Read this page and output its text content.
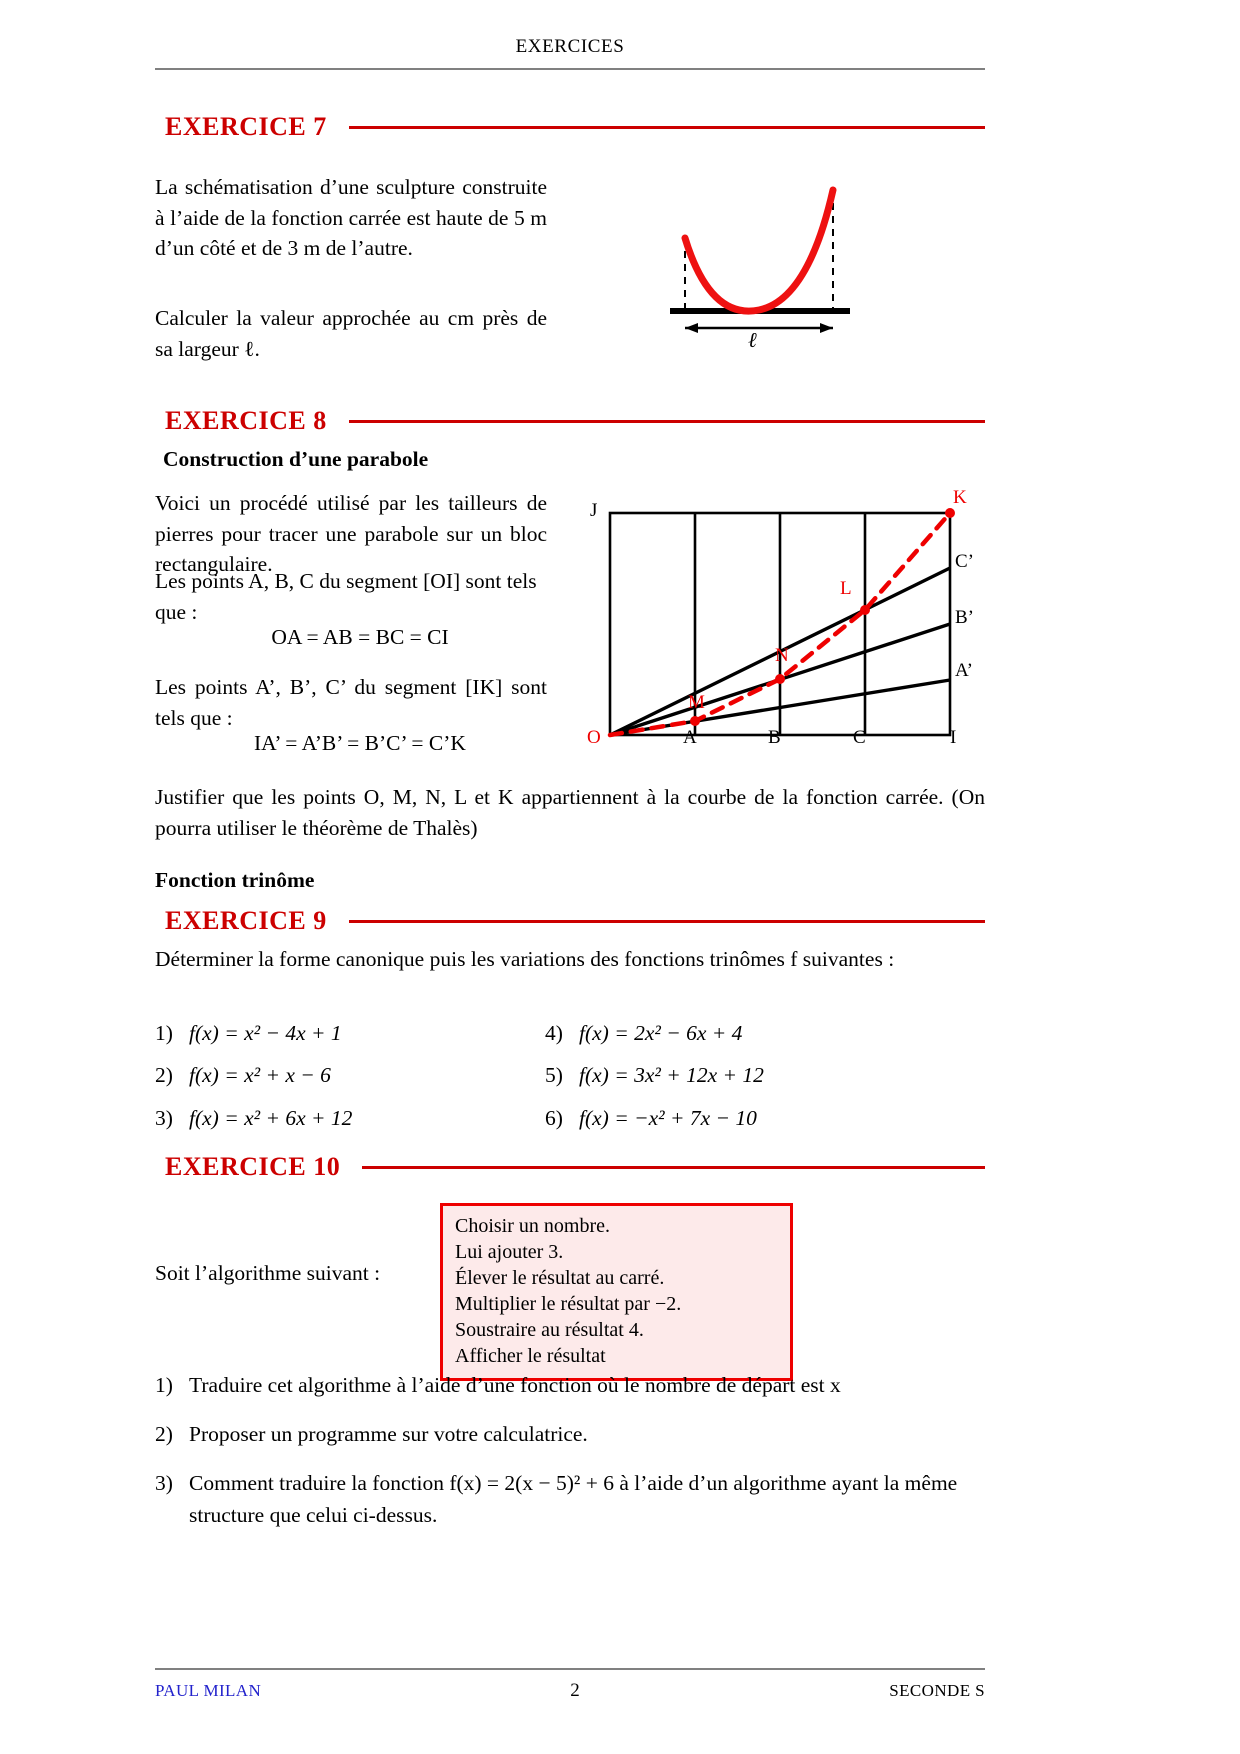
EXERCICES
EXERCICE 7
La schématisation d’une sculpture construite à l’aide de la fonction carrée est haute de 5 m d’un côté et de 3 m de l’autre.
Calculer la valeur approchée au cm près de sa largeur ℓ.	ℓ
EXERCICE 8
Construction d’une parabole
Voici un procédé utilisé par les tailleurs de pierres pour tracer une parabole sur un bloc rectangulaire.
Les points A, B, C du segment [OI] sont tels que :
OA = AB = BC = CI
Les points A’, B’, C’ du segment [IK] sont tels que :
IA’ = A’B’ = B’C’ = C’K
Justifier que les points O, M, N, L et K appartiennent à la courbe de la fonction carrée. (On pourra utiliser le théorème de Thalès)
J
K
O	I
A	B	C
C’
B’
A’
M
N
L
Fonction trinôme
EXERCICE 9
Déterminer la forme canonique puis les variations des fonctions trinômes f suivantes :
1) f(x) = x² − 4x + 1
2) f(x) = x² + x − 6
3) f(x) = x² + 6x + 12
4) f(x) = 2x² − 6x + 4
5) f(x) = 3x² + 12x + 12
6) f(x) = −x² + 7x − 10
EXERCICE 10
Soit l’algorithme suivant :
Choisir un nombre.
Lui ajouter 3.
Élever le résultat au carré.
Multiplier le résultat par −2.
Soustraire au résultat 4.
Afficher le résultat
1) Traduire cet algorithme à l’aide d’une fonction où le nombre de départ est x
2) Proposer un programme sur votre calculatrice.
3) Comment traduire la fonction f(x) = 2(x − 5)² + 6 à l’aide d’un algorithme ayant la même structure que celui ci-dessus.
PAUL MILAN	2	SECONDE S
